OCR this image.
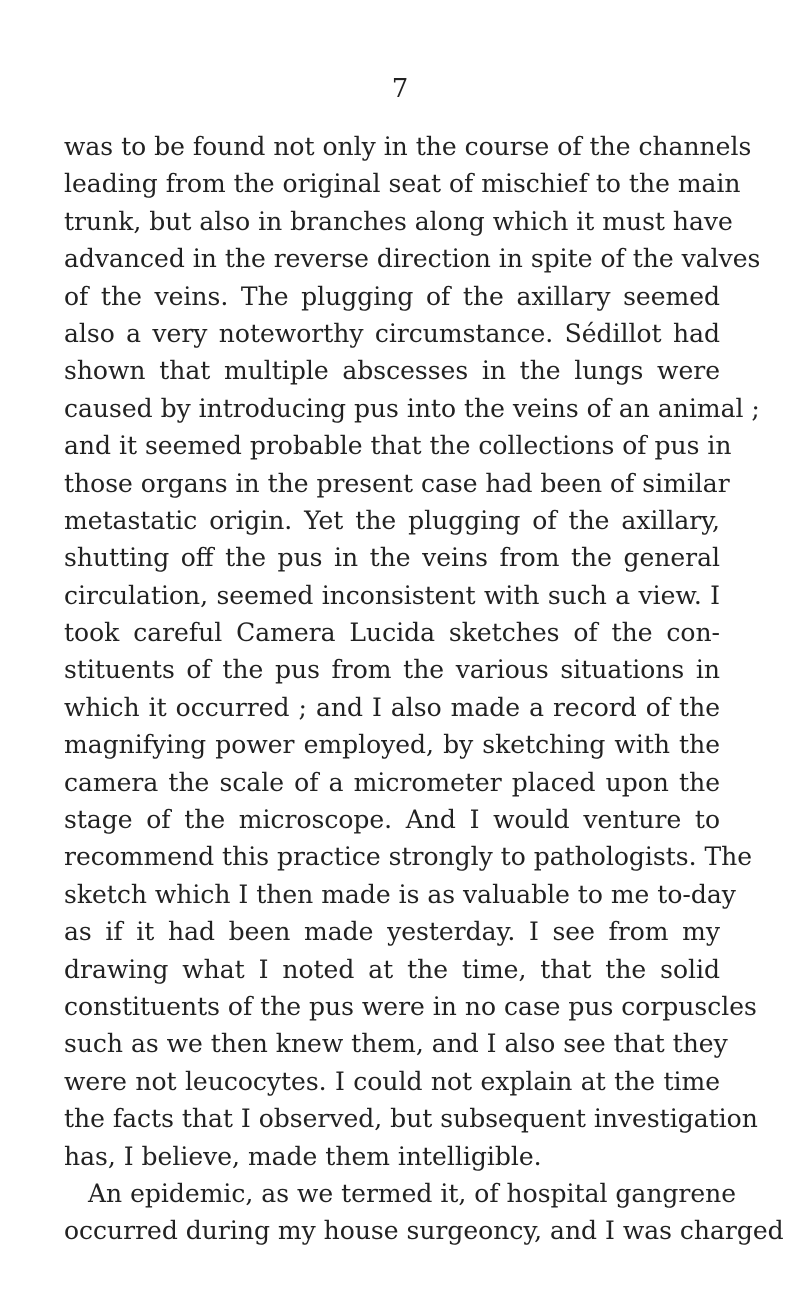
7
was to be found not only in the course of the channels
leading from the original seat of mischief to the main
trunk, but also in branches along which it must have
advanced in the reverse direction in spite of the valves
of the veins. The plugging of the axillary seemed
also a very noteworthy circumstance. Sédillot had
shown that multiple abscesses in the lungs were
caused by introducing pus into the veins of an animal ;
and it seemed probable that the collections of pus in
those organs in the present case had been of similar
metastatic origin. Yet the plugging of the axillary,
shutting off the pus in the veins from the general
circulation, seemed inconsistent with such a view. I
took careful Camera Lucida sketches of the con-
stituents of the pus from the various situations in
which it occurred ; and I also made a record of the
magnifying power employed, by sketching with the
camera the scale of a micrometer placed upon the
stage of the microscope. And I would venture to
recommend this practice strongly to pathologists. The
sketch which I then made is as valuable to me to-day
as if it had been made yesterday. I see from my
drawing what I noted at the time, that the solid
constituents of the pus were in no case pus corpuscles
such as we then knew them, and I also see that they
were not leucocytes. I could not explain at the time
the facts that I observed, but subsequent investigation
has, I believe, made them intelligible.
An epidemic, as we termed it, of hospital gangrene
occurred during my house surgeoncy, and I was charged
